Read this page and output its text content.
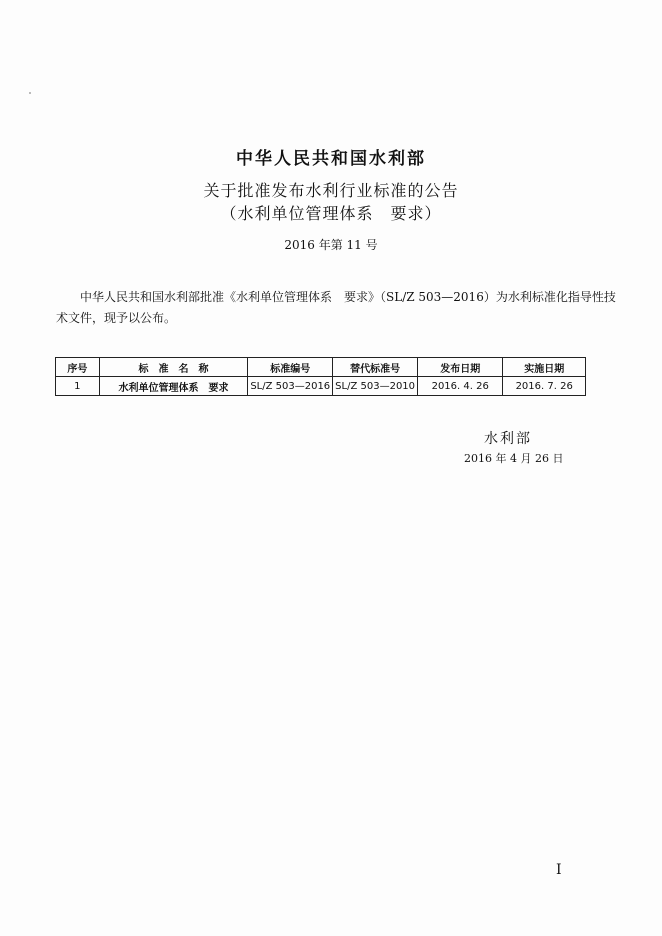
中华人民共和国水利部
关于批准发布水利行业标准的公告
（水利单位管理体系　要求）
2016 年第 11 号
中华人民共和国水利部批准《水利单位管理体系　要求》（SL/Z 503—2016）为水利标准化指导性技术文件，现予以公布。
序号	标　准　名　称	标准编号	替代标准号	发布日期	实施日期
1	水利单位管理体系　要求	SL/Z 503—2016	SL/Z 503—2010	2016. 4. 26	2016. 7. 26
水利部
2016 年 4 月 26 日
I
